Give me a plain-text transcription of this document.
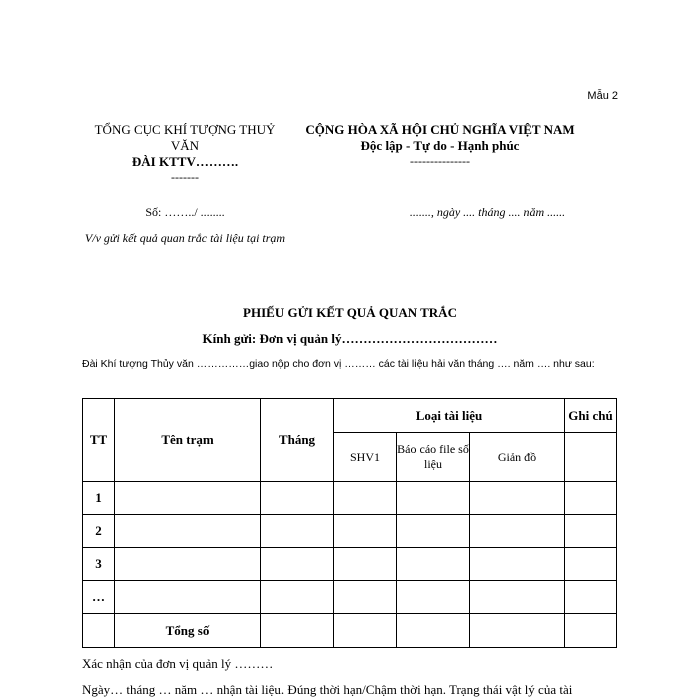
Mẫu 2
TỔNG CỤC KHÍ TƯỢNG THUỶ VĂN
ĐÀI KTTV……….
-------
CỘNG HÒA XÃ HỘI CHỦ NGHĨA VIỆT NAM
Độc lập - Tự do - Hạnh phúc
---------------
Số: ……../ ........	......., ngày .... tháng .... năm ......
V/v gửi kết quả quan trắc tài liệu tại trạm
PHIẾU GỬI KẾT QUẢ QUAN TRẮC
Kính gửi: Đơn vị quản lý………………………………
Đài Khí tượng Thủy văn ……………giao nộp cho đơn vị ……… các tài liệu hải văn tháng …. năm …. như sau:
TT	Tên trạm	Tháng	Loại tài liệu			Ghi chú
			SHV1	Báo cáo file số liệu	Giản đồ	
1						
2						
3						
…						
	Tổng số					
Xác nhận của đơn vị quản lý ………
Ngày… tháng … năm … nhận tài liệu. Đúng thời hạn/Chậm thời hạn. Trạng thái vật lý của tài
